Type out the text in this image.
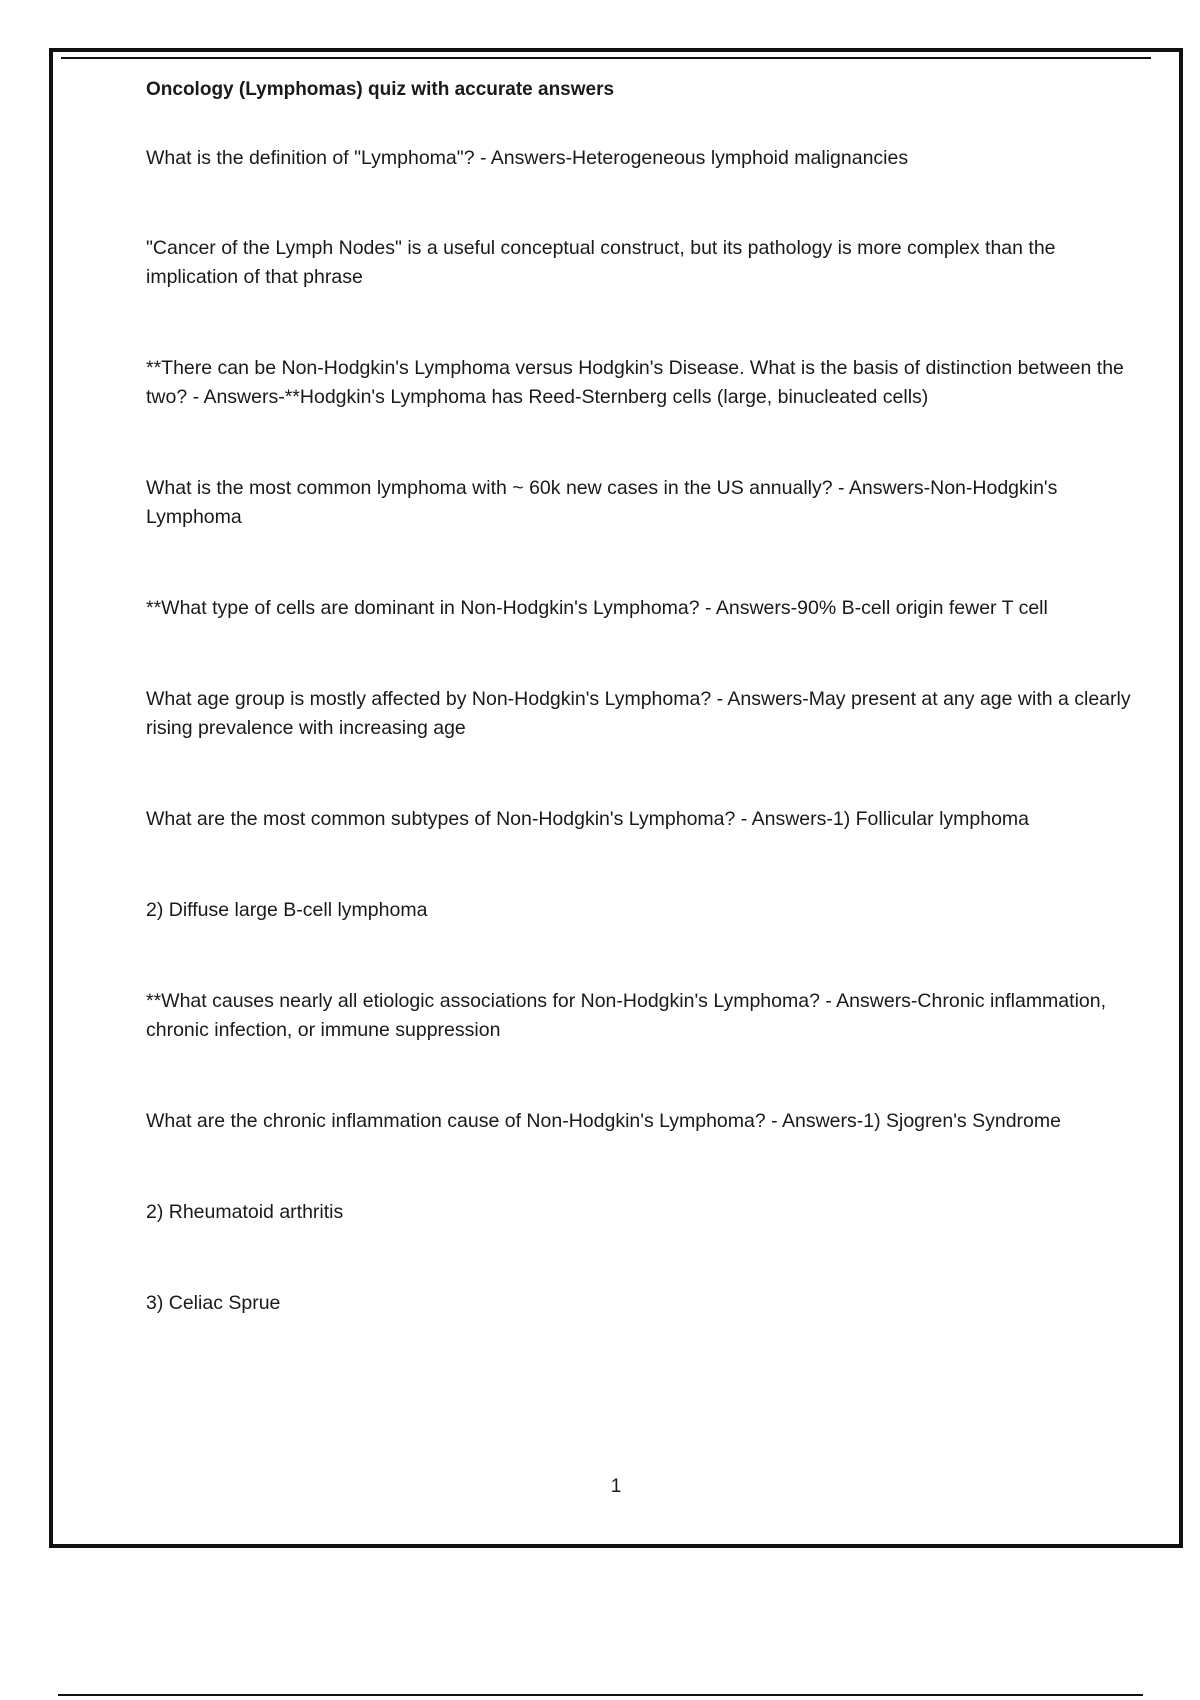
Oncology (Lymphomas) quiz with accurate answers

What is the definition of "Lymphoma"? - Answers-Heterogeneous lymphoid malignancies

"Cancer of the Lymph Nodes" is a useful conceptual construct, but its pathology is more complex than the implication of that phrase

**There can be Non-Hodgkin's Lymphoma versus Hodgkin's Disease. What is the basis of distinction between the two? - Answers-**Hodgkin's Lymphoma has Reed-Sternberg cells (large, binucleated cells)

What is the most common lymphoma with ~ 60k new cases in the US annually? - Answers-Non-Hodgkin's Lymphoma

**What type of cells are dominant in Non-Hodgkin's Lymphoma? - Answers-90% B-cell origin fewer T cell

What age group is mostly affected by Non-Hodgkin's Lymphoma? - Answers-May present at any age with a clearly rising prevalence with increasing age

What are the most common subtypes of Non-Hodgkin's Lymphoma? - Answers-1) Follicular lymphoma

2) Diffuse large B-cell lymphoma

**What causes nearly all etiologic associations for Non-Hodgkin's Lymphoma? - Answers-Chronic inflammation, chronic infection, or immune suppression

What are the chronic inflammation cause of Non-Hodgkin's Lymphoma? - Answers-1) Sjogren's Syndrome

2) Rheumatoid arthritis

3) Celiac Sprue

1
